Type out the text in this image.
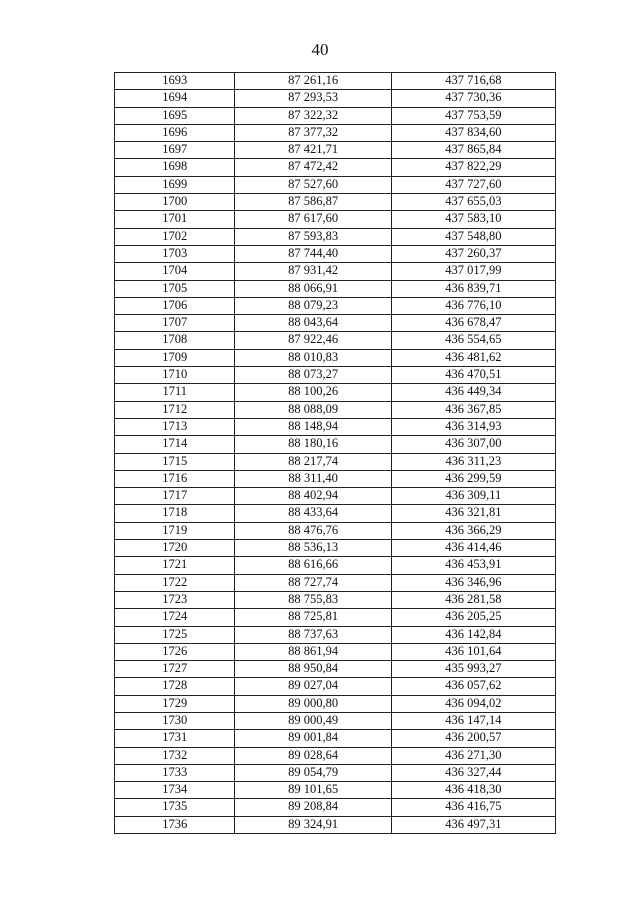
40
1693	87 261,16	437 716,68
1694	87 293,53	437 730,36
1695	87 322,32	437 753,59
1696	87 377,32	437 834,60
1697	87 421,71	437 865,84
1698	87 472,42	437 822,29
1699	87 527,60	437 727,60
1700	87 586,87	437 655,03
1701	87 617,60	437 583,10
1702	87 593,83	437 548,80
1703	87 744,40	437 260,37
1704	87 931,42	437 017,99
1705	88 066,91	436 839,71
1706	88 079,23	436 776,10
1707	88 043,64	436 678,47
1708	87 922,46	436 554,65
1709	88 010,83	436 481,62
1710	88 073,27	436 470,51
1711	88 100,26	436 449,34
1712	88 088,09	436 367,85
1713	88 148,94	436 314,93
1714	88 180,16	436 307,00
1715	88 217,74	436 311,23
1716	88 311,40	436 299,59
1717	88 402,94	436 309,11
1718	88 433,64	436 321,81
1719	88 476,76	436 366,29
1720	88 536,13	436 414,46
1721	88 616,66	436 453,91
1722	88 727,74	436 346,96
1723	88 755,83	436 281,58
1724	88 725,81	436 205,25
1725	88 737,63	436 142,84
1726	88 861,94	436 101,64
1727	88 950,84	435 993,27
1728	89 027,04	436 057,62
1729	89 000,80	436 094,02
1730	89 000,49	436 147,14
1731	89 001,84	436 200,57
1732	89 028,64	436 271,30
1733	89 054,79	436 327,44
1734	89 101,65	436 418,30
1735	89 208,84	436 416,75
1736	89 324,91	436 497,31
